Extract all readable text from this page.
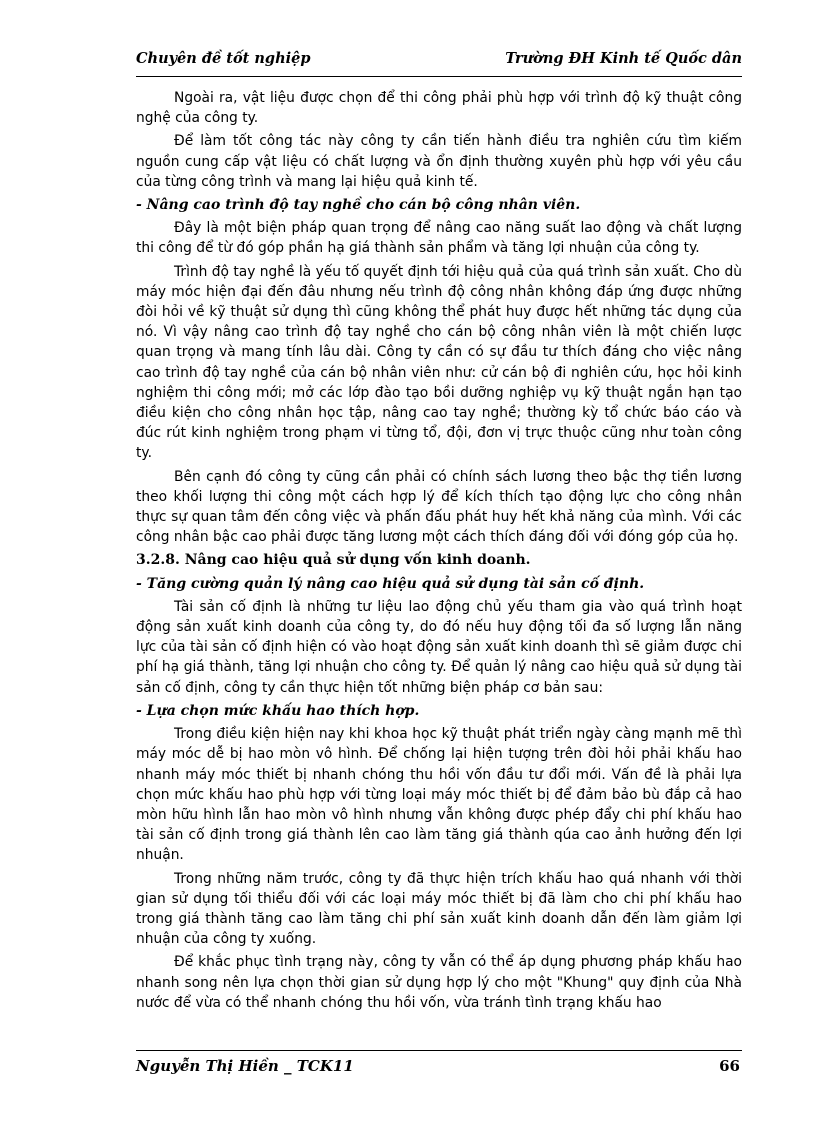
Chuyên đề tốt nghiệp	Trường ĐH Kinh tế Quốc dân

Ngoài ra, vật liệu được chọn để thi công phải phù hợp với trình độ kỹ thuật công nghệ của công ty.

Để làm tốt công tác này công ty cần tiến hành điều tra nghiên cứu tìm kiếm nguồn cung cấp vật liệu có chất lượng và ổn định thường xuyên phù hợp với yêu cầu của từng công trình và mang lại hiệu quả kinh tế.

- Nâng cao trình độ tay nghề cho cán bộ công nhân viên.

Đây là một biện pháp quan trọng để nâng cao năng suất lao động và chất lượng thi công để từ đó góp phần hạ giá thành sản phẩm và tăng lợi nhuận của công ty.

Trình độ tay nghề là yếu tố quyết định tới hiệu quả của quá trình sản xuất. Cho dù máy móc hiện đại đến đâu nhưng nếu trình độ công nhân không đáp ứng được những đòi hỏi về kỹ thuật sử dụng thì cũng không thể phát huy được hết những tác dụng của nó. Vì vậy nâng cao trình độ tay nghề cho cán bộ công nhân viên là một chiến lược quan trọng và mang tính lâu dài. Công ty cần có sự đầu tư thích đáng cho việc nâng cao trình độ tay nghề của cán bộ nhân viên như: cử cán bộ đi nghiên cứu, học hỏi kinh nghiệm thi công mới; mở các lớp đào tạo bồi dưỡng nghiệp vụ kỹ thuật ngắn hạn tạo điều kiện cho công nhân học tập, nâng cao tay nghề; thường kỳ tổ chức báo cáo và đúc rút kinh nghiệm trong phạm vi từng tổ, đội, đơn vị trực thuộc cũng như toàn công ty.

Bên cạnh đó công ty cũng cần phải có chính sách lương theo bậc thợ tiền lương theo khối lượng thi công một cách hợp lý để kích thích tạo động lực cho công nhân thực sự quan tâm đến công việc và phấn đấu phát huy hết khả năng của mình. Với các công nhân bậc cao phải được tăng lương một cách thích đáng đối với đóng góp của họ.

3.2.8. Nâng cao hiệu quả sử dụng vốn kinh doanh.
- Tăng cường quản lý nâng cao hiệu quả sử dụng tài sản cố định.

Tài sản cố định là những tư liệu lao động chủ yếu tham gia vào quá trình hoạt động sản xuất kinh doanh của công ty, do đó nếu huy động tối đa số lượng lẫn năng lực của tài sản cố định hiện có vào hoạt động sản xuất kinh doanh thì sẽ giảm được chi phí hạ giá thành, tăng lợi nhuận cho công ty. Để quản lý nâng cao hiệu quả sử dụng tài sản cố định, công ty cần thực hiện tốt những biện pháp cơ bản sau:

- Lựa chọn mức khấu hao thích hợp.

Trong điều kiện hiện nay khi khoa học kỹ thuật phát triển ngày càng mạnh mẽ thì máy móc dễ bị hao mòn vô hình. Để chống lại hiện tượng trên đòi hỏi phải khấu hao nhanh máy móc thiết bị nhanh chóng thu hồi vốn đầu tư đổi mới. Vấn đề là phải lựa chọn mức khấu hao phù hợp với từng loại máy móc thiết bị để đảm bảo bù đắp cả hao mòn hữu hình lẫn hao mòn vô hình nhưng vẫn không được phép đẩy chi phí khấu hao tài sản cố định trong giá thành lên cao làm tăng giá thành qúa cao ảnh hưởng đến lợi nhuận.

Trong những năm trước, công ty đã thực hiện trích khấu hao quá nhanh với thời gian sử dụng tối thiểu đối với các loại máy móc thiết bị đã làm cho chi phí khấu hao trong giá thành tăng cao làm tăng chi phí sản xuất kinh doanh dẫn đến làm giảm lợi nhuận của công ty xuống.

Để khắc phục tình trạng này, công ty vẫn có thể áp dụng phương pháp khấu hao nhanh song nên lựa chọn thời gian sử dụng hợp lý cho một "Khung" quy định của Nhà nước để vừa có thể nhanh chóng thu hồi vốn, vừa tránh tình trạng khấu hao

Nguyễn Thị Hiền _ TCK11	66
